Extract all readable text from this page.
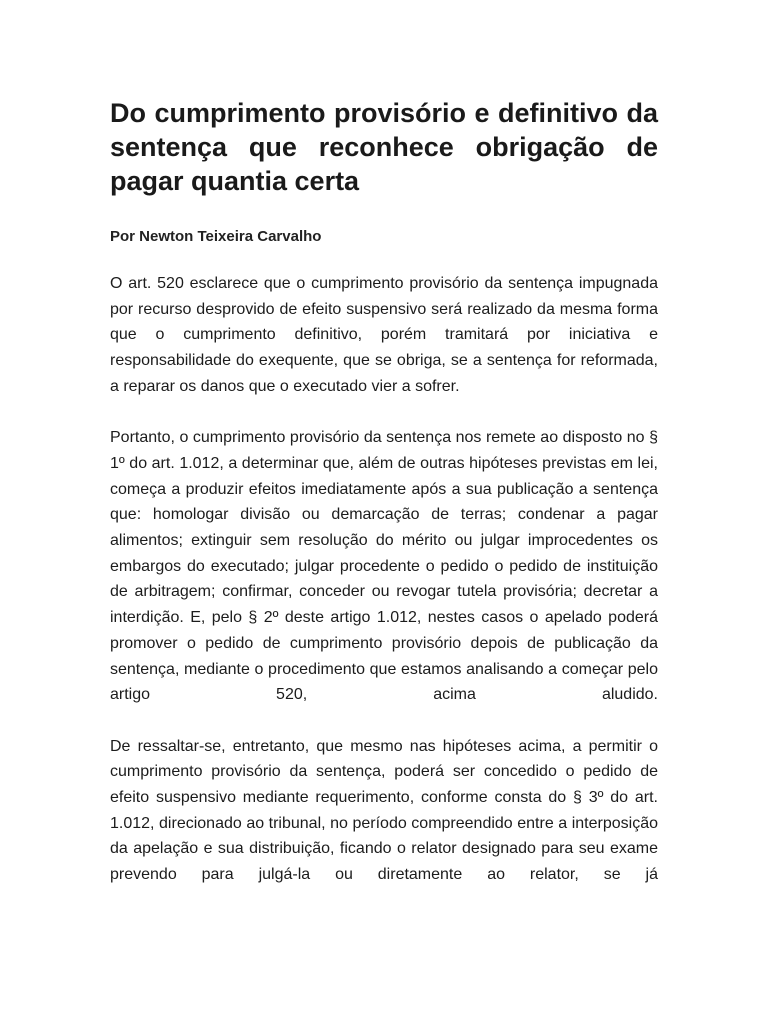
Do cumprimento provisório e definitivo da sentença que reconhece obrigação de pagar quantia certa

Por Newton Teixeira Carvalho

O art. 520 esclarece que o cumprimento provisório da sentença impugnada por recurso desprovido de efeito suspensivo será realizado da mesma forma que o cumprimento definitivo, porém tramitará por iniciativa e responsabilidade do exequente, que se obriga, se a sentença for reformada, a reparar os danos que o executado vier a sofrer.

Portanto, o cumprimento provisório da sentença nos remete ao disposto no § 1º do art. 1.012, a determinar que, além de outras hipóteses previstas em lei, começa a produzir efeitos imediatamente após a sua publicação a sentença que: homologar divisão ou demarcação de terras; condenar a pagar alimentos; extinguir sem resolução do mérito ou julgar improcedentes os embargos do executado; julgar procedente o pedido o pedido de instituição de arbitragem; confirmar, conceder ou revogar tutela provisória; decretar a interdição. E, pelo § 2º deste artigo 1.012, nestes casos o apelado poderá promover o pedido de cumprimento provisório depois de publicação da sentença, mediante o procedimento que estamos analisando a começar pelo artigo 520, acima aludido.

De ressaltar-se, entretanto, que mesmo nas hipóteses acima, a permitir o cumprimento provisório da sentença, poderá ser concedido o pedido de efeito suspensivo mediante requerimento, conforme consta do § 3º do art. 1.012, direcionado ao tribunal, no período compreendido entre a interposição da apelação e sua distribuição, ficando o relator designado para seu exame prevendo para julgá-la ou diretamente ao relator, se já
